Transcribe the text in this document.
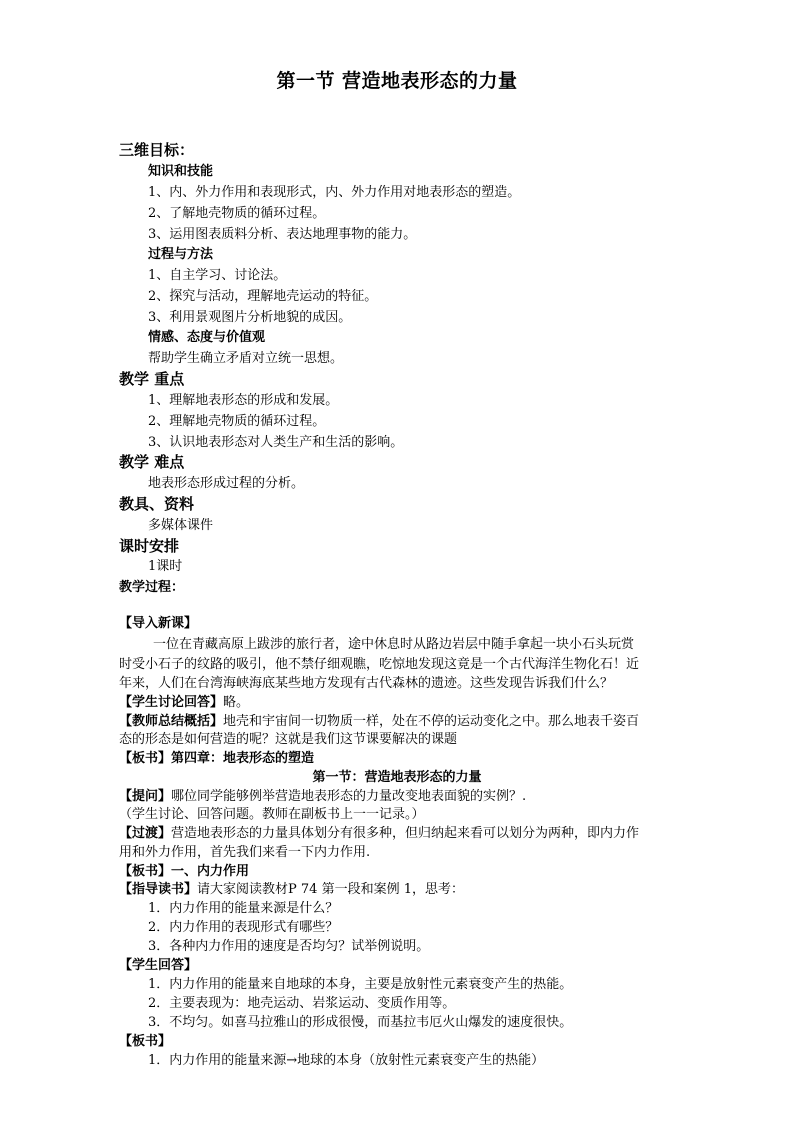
第一节 营造地表形态的力量
三维目标：
知识和技能
1、内、外力作用和表现形式，内、外力作用对地表形态的塑造。
2、了解地壳物质的循环过程。
3、运用图表质料分析、表达地理事物的能力。
过程与方法
1、自主学习、讨论法。
2、探究与活动，理解地壳运动的特征。
3、利用景观图片分析地貌的成因。
情感、态度与价值观
帮助学生确立矛盾对立统一思想。
教学 重点
1、理解地表形态的形成和发展。
2、理解地壳物质的循环过程。
3、认识地表形态对人类生产和生活的影响。
教学 难点
地表形态形成过程的分析。
教具、资料
多媒体课件
课时安排
1课时
教学过程：
【导入新课】
一位在青藏高原上跋涉的旅行者，途中休息时从路边岩层中随手拿起一块小石头玩赏
时受小石子的纹路的吸引，他不禁仔细观瞧，吃惊地发现这竟是一个古代海洋生物化石！近
年来，人们在台湾海峡海底某些地方发现有古代森林的遗迹。这些发现告诉我们什么？
【学生讨论回答】略。
【教师总结概括】地壳和宇宙间一切物质一样，处在不停的运动变化之中。那么地表千姿百
态的形态是如何营造的呢？这就是我们这节课要解决的课题
【板书】第四章：地表形态的塑造
第一节：营造地表形态的力量
【提问】哪位同学能够例举营造地表形态的力量改变地表面貌的实例？.
（学生讨论、回答问题。教师在副板书上一一记录。）
【过渡】营造地表形态的力量具体划分有很多种，但归纳起来看可以划分为两种，即内力作
用和外力作用，首先我们来看一下内力作用.
【板书】一、内力作用
【指导读书】请大家阅读教材P 74 第一段和案例 1，思考：
1．内力作用的能量来源是什么？
2．内力作用的表现形式有哪些？
3．各种内力作用的速度是否均匀？试举例说明。
【学生回答】
1．内力作用的能量来自地球的本身，主要是放射性元素衰变产生的热能。
2．主要表现为：地壳运动、岩浆运动、变质作用等。
3．不均匀。如喜马拉雅山的形成很慢，而基拉韦厄火山爆发的速度很快。
【板书】
1．内力作用的能量来源→地球的本身（放射性元素衰变产生的热能）
